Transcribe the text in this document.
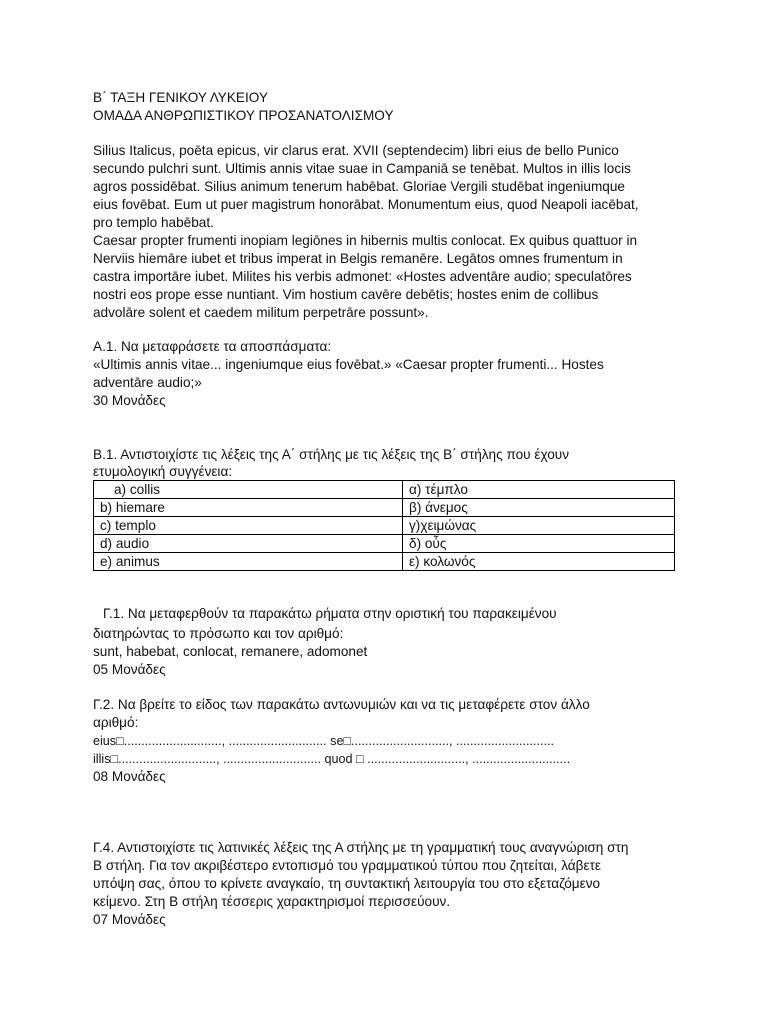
Β΄ ΤΑΞΗ ΓΕΝΙΚΟΥ ΛΥΚΕΙΟΥ
ΟΜΑΔΑ ΑΝΘΡΩΠΙΣΤΙΚΟΥ ΠΡΟΣΑΝΑΤΟΛΙΣΜΟΥ
Silius Italicus, poēta epicus, vir clarus erat. XVII (septendecim) libri eius de bello Punico
secundo pulchri sunt. Ultimis annis vitae suae in Campaniā se tenēbat. Multos in illis locis
agros possidēbat. Silius animum tenerum habēbat. Gloriae Vergili studēbat ingeniumque
eius fovēbat. Eum ut puer magistrum honorābat. Monumentum eius, quod Neapoli iacēbat,
pro templo habēbat.
Caesar propter frumenti inopiam legiōnes in hibernis multis conlocat. Ex quibus quattuor in
Nerviis hiemāre iubet et tribus imperat in Belgis remanēre. Legātos omnes frumentum in
castra importāre iubet. Milites his verbis admonet: «Hostes adventāre audio; speculatōres
nostri eos prope esse nuntiant. Vim hostium cavēre debētis; hostes enim de collibus
advolāre solent et caedem militum perpetrāre possunt».
Α.1. Να μεταφράσετε τα αποσπάσματα:
«Ultimis annis vitae... ingeniumque eius fovēbat.» «Caesar propter frumenti... Hostes
adventāre audio;»
30 Μονάδες
Β.1. Αντιστοιχίστε τις λέξεις της Α΄ στήλης με τις λέξεις της Β΄ στήλης που έχουν
ετυμολογική συγγένεια:
Γ.1. Να μεταφερθούν τα παρακάτω ρήματα στην οριστική του παρακειμένου
διατηρώντας το πρόσωπο και τον αριθμό:
sunt, habebat, conlocat, remanere, adomonet
05 Μονάδες
Γ.2. Να βρείτε το είδος των παρακάτω αντωνυμιών και να τις μεταφέρετε στον άλλο
αριθμό:
eius□............................, ............................ se□............................, ............................
illis□............................, ............................ quod □ ............................, ............................
08 Μονάδες
Γ.4. Αντιστοιχίστε τις λατινικές λέξεις της Α στήλης με τη γραμματική τους αναγνώριση στη
Β στήλη. Για τον ακριβέστερο εντοπισμό του γραμματικού τύπου που ζητείται, λάβετε
υπόψη σας, όπου το κρίνετε αναγκαίο, τη συντακτική λειτουργία του στο εξεταζόμενο
κείμενο. Στη Β στήλη τέσσερις χαρακτηρισμοί περισσεύουν.
07 Μονάδες
a) collis	α) τέμπλο
b) hiemare	β) άνεμος
c) templo	γ)χειμώνας
d) audio	δ) οὖς
e) animus	ε) κολωνός
